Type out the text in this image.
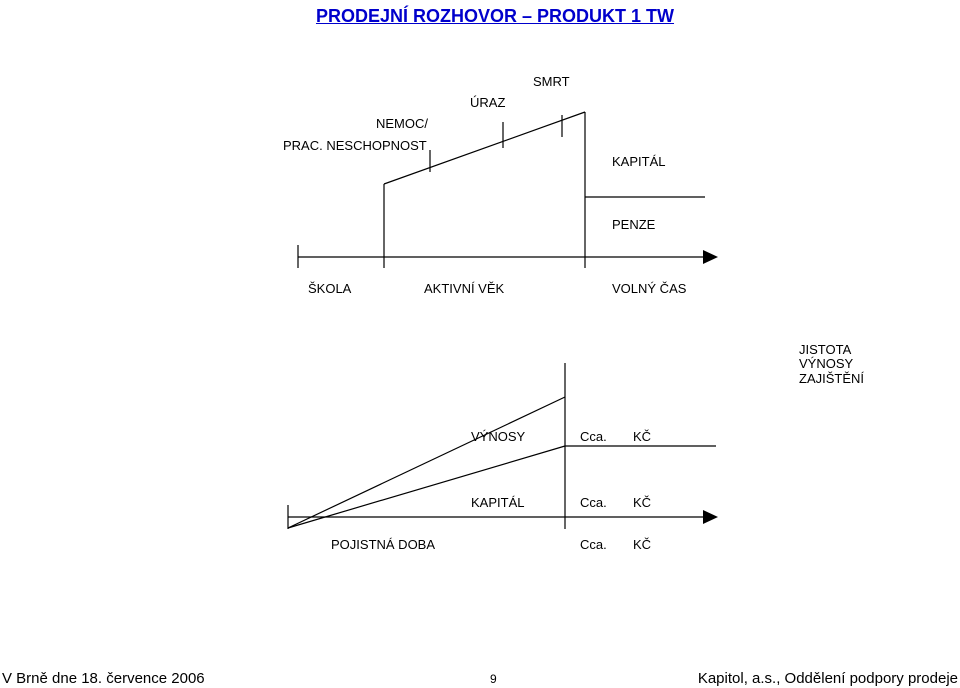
PRODEJNÍ ROZHOVOR – PRODUKT 1 TW
NEMOC/
PRAC. NESCHOPNOST
ÚRAZ
SMRT
KAPITÁL
PENZE
ŠKOLA	AKTIVNÍ VĚK	VOLNÝ ČAS
JISTOTA
VÝNOSY
ZAJIŠTĚNÍ
VÝNOSY	Cca. KČ
KAPITÁL	Cca. KČ
POJISTNÁ DOBA	Cca. KČ
V Brně dne 18. července 2006	9	Kapitol, a.s., Oddělení podpory prodeje
